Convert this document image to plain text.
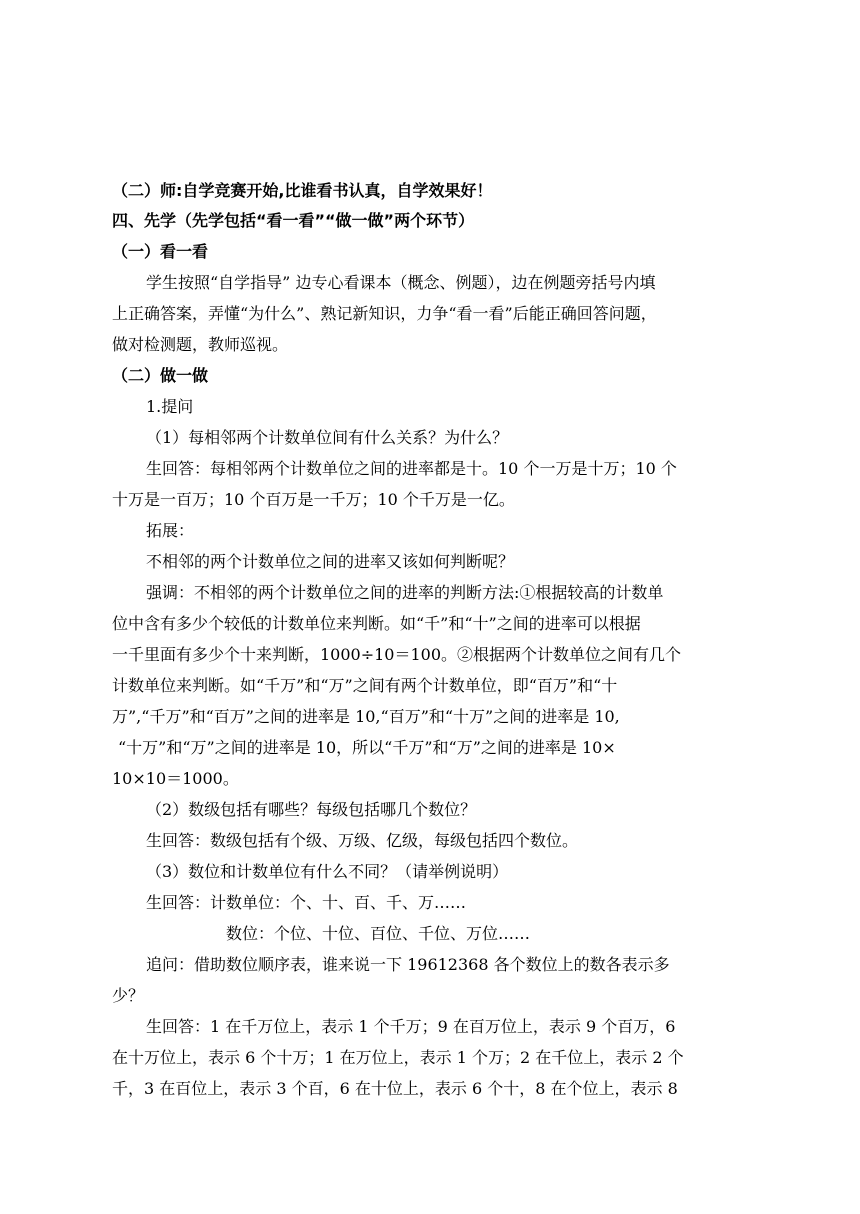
（二）师:自学竞赛开始,比谁看书认真，自学效果好！
四、先学（先学包括“看一看”“做一做”两个环节）
（一）看一看
学生按照“自学指导” 边专心看课本（概念、例题），边在例题旁括号内填
上正确答案，弄懂“为什么”、熟记新知识，力争“看一看”后能正确回答问题，
做对检测题，教师巡视。
（二）做一做
1.提问
（1）每相邻两个计数单位间有什么关系？为什么？
生回答：每相邻两个计数单位之间的进率都是十。10 个一万是十万；10 个
十万是一百万；10 个百万是一千万；10 个千万是一亿。
拓展：
不相邻的两个计数单位之间的进率又该如何判断呢？
强调：不相邻的两个计数单位之间的进率的判断方法:①根据较高的计数单
位中含有多少个较低的计数单位来判断。如“千”和“十”之间的进率可以根据
一千里面有多少个十来判断，1000÷10＝100。②根据两个计数单位之间有几个
计数单位来判断。如“千万”和“万”之间有两个计数单位，即“百万”和“十
万”,“千万”和“百万”之间的进率是 10,“百万”和“十万”之间的进率是 10,
“十万”和“万”之间的进率是 10，所以“千万”和“万”之间的进率是 10×
10×10＝1000。
（2）数级包括有哪些？每级包括哪几个数位？
生回答：数级包括有个级、万级、亿级，每级包括四个数位。
（3）数位和计数单位有什么不同？（请举例说明）
生回答：计数单位：个、十、百、千、万……
数位：个位、十位、百位、千位、万位……
追问：借助数位顺序表，谁来说一下 19612368 各个数位上的数各表示多
少？
生回答：1 在千万位上，表示 1 个千万；9 在百万位上，表示 9 个百万，6
在十万位上，表示 6 个十万；1 在万位上，表示 1 个万；2 在千位上，表示 2 个
千，3 在百位上，表示 3 个百，6 在十位上，表示 6 个十，8 在个位上，表示 8
